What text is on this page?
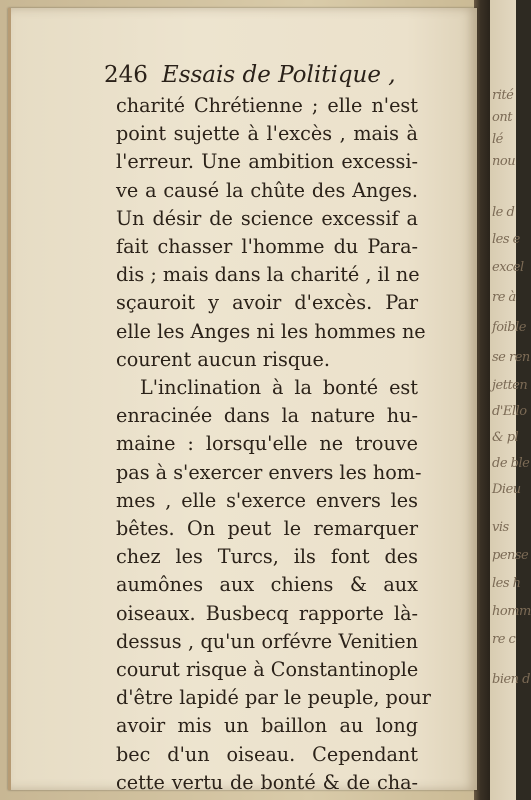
rité
ont
lé
nou
le d
les e
excel
re à
foible
se ren
jetten
d'Ello
& pl
de ble
Dieu
vis
pense
les h
homm
re c
bien d
246 Essais de Politique ,
charité Chrétienne ; elle n'est
point sujette à l'excès , mais à
l'erreur. Une ambition excessi-
ve a causé la chûte des Anges.
Un désir de science excessif a
fait chasser l'homme du Para-
dis ; mais dans la charité , il ne
sçauroit y avoir d'excès. Par
elle les Anges ni les hommes ne
courent aucun risque.
L'inclination à la bonté est
enracinée dans la nature hu-
maine : lorsqu'elle ne trouve
pas à s'exercer envers les hom-
mes , elle s'exerce envers les
bêtes. On peut le remarquer
chez les Turcs, ils font des
aumônes aux chiens & aux
oiseaux. Busbecq rapporte là-
dessus , qu'un orfévre Venitien
courut risque à Constantinople
d'être lapidé par le peuple, pour
avoir mis un baillon au long
bec d'un oiseau. Cependant
cette vertu de bonté & de cha-
